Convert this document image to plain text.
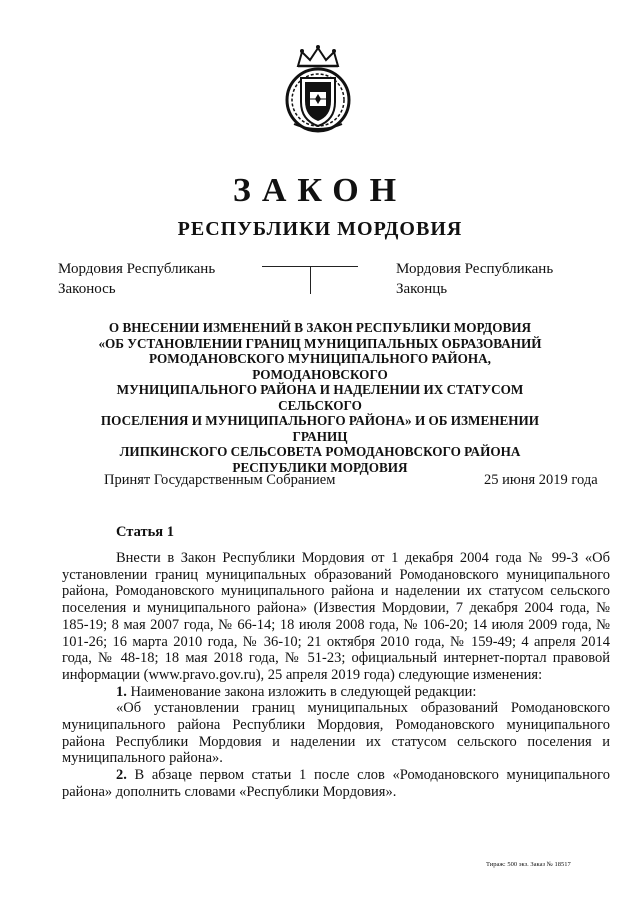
ЗАКОН
РЕСПУБЛИКИ МОРДОВИЯ
Мордовия Республикань
Законось
Мордовия Республикань
Законць
О ВНЕСЕНИИ ИЗМЕНЕНИЙ В ЗАКОН РЕСПУБЛИКИ МОРДОВИЯ
«ОБ УСТАНОВЛЕНИИ ГРАНИЦ МУНИЦИПАЛЬНЫХ ОБРАЗОВАНИЙ
РОМОДАНОВСКОГО МУНИЦИПАЛЬНОГО РАЙОНА, РОМОДАНОВСКОГО
МУНИЦИПАЛЬНОГО РАЙОНА И НАДЕЛЕНИИ ИХ СТАТУСОМ СЕЛЬСКОГО
ПОСЕЛЕНИЯ И МУНИЦИПАЛЬНОГО РАЙОНА» И ОБ ИЗМЕНЕНИИ ГРАНИЦ
ЛИПКИНСКОГО СЕЛЬСОВЕТА РОМОДАНОВСКОГО РАЙОНА
РЕСПУБЛИКИ МОРДОВИЯ
Принят Государственным Собранием	25 июня 2019 года
Статья 1

Внести в Закон Республики Мордовия от 1 декабря 2004 года № 99-З «Об установлении границ муниципальных образований Ромодановского муниципального района, Ромодановского муниципального района и наделении их статусом сельского поселения и муниципального района» (Известия Мордовии, 7 декабря 2004 года, № 185-19; 8 мая 2007 года, № 66-14; 18 июля 2008 года, № 106-20; 14 июля 2009 года, № 101-26; 16 марта 2010 года, № 36-10; 21 октября 2010 года, № 159-49; 4 апреля 2014 года, № 48-18; 18 мая 2018 года, № 51-23; официальный интернет-портал правовой информации (www.pravo.gov.ru), 25 апреля 2019 года) следующие изменения:

1. Наименование закона изложить в следующей редакции:

«Об установлении границ муниципальных образований Ромодановского муниципального района Республики Мордовия, Ромодановского муниципального района Республики Мордовия и наделении их статусом сельского поселения и муниципального района».

2. В абзаце первом статьи 1 после слов «Ромодановского муниципального района» дополнить словами «Республики Мордовия».

Тираж: 500 экз. Заказ № 18517
